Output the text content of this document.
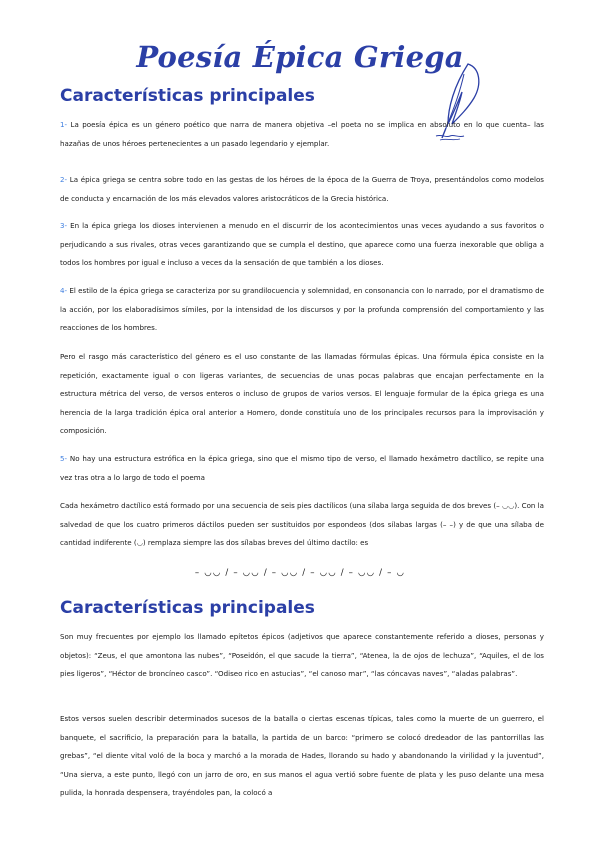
Poesía Épica Griega
Características principales
1- La poesía épica es un género poético que narra de manera objetiva –el poeta no se implica en absoluto en lo que cuenta– las hazañas de unos héroes pertenecientes a un pasado legendario y ejemplar.
2- La épica griega se centra sobre todo en las gestas de los héroes de la época de la Guerra de Troya, presentándolos como modelos de conducta y encarnación de los más elevados valores aristocráticos de la Grecia histórica.
3- En la épica griega los dioses intervienen a menudo en el discurrir de los acontecimientos unas veces ayudando a sus favoritos o perjudicando a sus rivales, otras veces garantizando que se cumpla el destino, que aparece como una fuerza inexorable que obliga a todos los hombres por igual e incluso a veces da la sensación de que también a los dioses.
4- El estilo de la épica griega se caracteriza por su grandilocuencia y solemnidad, en consonancia con lo narrado, por el dramatismo de la acción, por los elaboradísimos símiles, por la intensidad de los discursos y por la profunda comprensión del comportamiento y las reacciones de los hombres.
Pero el rasgo más característico del género es el uso constante de las llamadas fórmulas épicas. Una fórmula épica consiste en la repetición, exactamente igual o con ligeras variantes, de secuencias de unas pocas palabras que encajan perfectamente en la estructura métrica del verso, de versos enteros o incluso de grupos de varios versos. El lenguaje formular de la épica griega es una herencia de la larga tradición épica oral anterior a Homero, donde constituía uno de los principales recursos para la improvisación y composición.
5- No hay una estructura estrófica en la épica griega, sino que el mismo tipo de verso, el llamado hexámetro dactílico, se repite una vez tras otra a lo largo de todo el poema
Cada hexámetro dactílico está formado por una secuencia de seis pies dactílicos (una sílaba larga seguida de dos breves (– ◡◡). Con la salvedad de que los cuatro primeros dáctilos pueden ser sustituidos por espondeos (dos sílabas largas (– –) y de que una sílaba de cantidad indiferente (◡) remplaza siempre las dos sílabas breves del último dactílo: es
– ◡◡ / – ◡◡ / – ◡◡ / – ◡◡ / – ◡◡ / – ◡
Características principales
Son muy frecuentes por ejemplo los llamado epítetos épicos (adjetivos que aparece constantemente referido a dioses, personas y objetos): “Zeus, el que amontona las nubes”, “Poseidón, el que sacude la tierra”, “Atenea, la de ojos de lechuza”, “Aquiles, el de los pies ligeros”, “Héctor de broncíneo casco”. “Odiseo rico en astucias”, “el canoso mar”, “las cóncavas naves”, “aladas palabras”.
Estos versos suelen describir determinados sucesos de la batalla o ciertas escenas típicas, tales como la muerte de un guerrero, el banquete, el sacrificio, la preparación para la batalla, la partida de un barco: “primero se colocó dredeador de las pantorrillas las grebas”, “el diente vital voló de la boca y marchó a la morada de Hades, llorando su hado y abandonando la virilidad y la juventud”, “Una sierva, a este punto, llegó con un jarro de oro, en sus manos el agua vertió sobre fuente de plata y les puso delante una mesa pulida, la honrada despensera, trayéndoles pan, la colocó a
